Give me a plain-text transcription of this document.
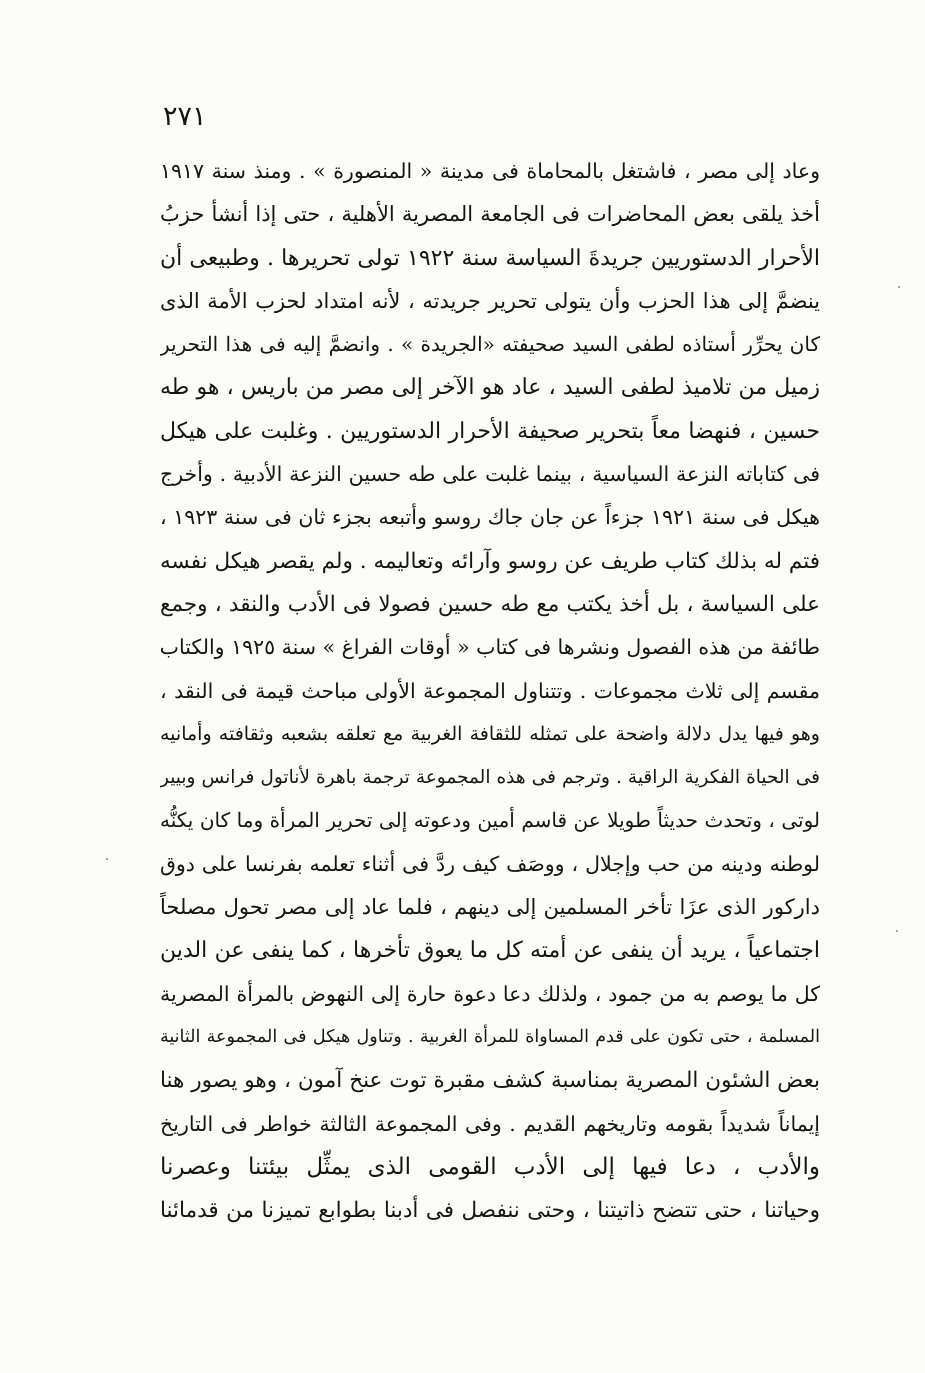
٢٧١
وعاد إلى مصر ، فاشتغل بالمحاماة فى مدينة « المنصورة » . ومنذ سنة ١٩١٧
أخذ يلقى بعض المحاضرات فى الجامعة المصرية الأهلية ، حتى إذا أنشأ حزبُ
الأحرار الدستوريين جريدةَ السياسة سنة ١٩٢٢ تولى تحريرها . وطبيعى أن
ينضمَّ إلى هذا الحزب وأن يتولى تحرير جريدته ، لأنه امتداد لحزب الأمة الذى
كان يحرِّر أستاذه لطفى السيد صحيفته «الجريدة » . وانضمَّ إليه فى هذا التحرير
زميل من تلاميذ لطفى السيد ، عاد هو الآخر إلى مصر من باريس ، هو طه
حسين ، فنهضا معاً بتحرير صحيفة الأحرار الدستوريين . وغلبت على هيكل
فى كتاباته النزعة السياسية ، بينما غلبت على طه حسين النزعة الأدبية . وأخرج
هيكل فى سنة ١٩٢١ جزءاً عن جان جاك روسو وأتبعه بجزء ثان فى سنة ١٩٢٣ ،
فتم له بذلك كتاب طريف عن روسو وآرائه وتعاليمه . ولم يقصر هيكل نفسه
على السياسة ، بل أخذ يكتب مع طه حسين فصولا فى الأدب والنقد ، وجمع
طائفة من هذه الفصول ونشرها فى كتاب « أوقات الفراغ » سنة ١٩٢٥ والكتاب
مقسم إلى ثلاث مجموعات . وتتناول المجموعة الأولى مباحث قيمة فى النقد ،
وهو فيها يدل دلالة واضحة على تمثله للثقافة الغربية مع تعلقه بشعبه وثقافته وأمانيه
فى الحياة الفكرية الراقية . وترجم فى هذه المجموعة ترجمة باهرة لأناتول فرانس وبيير
لوتى ، وتحدث حديثاً طويلا عن قاسم أمين ودعوته إلى تحرير المرأة وما كان يكنُّه
لوطنه ودينه من حب وإجلال ، ووصَف كيف ردَّ فى أثناء تعلمه بفرنسا على دوق
داركور الذى عزَا تأخر المسلمين إلى دينهم ، فلما عاد إلى مصر تحول مصلحاً
اجتماعياً ، يريد أن ينفى عن أمته كل ما يعوق تأخرها ، كما ينفى عن الدين
كل ما يوصم به من جمود ، ولذلك دعا دعوة حارة إلى النهوض بالمرأة المصرية
المسلمة ، حتى تكون على قدم المساواة للمرأة الغربية . وتناول هيكل فى المجموعة الثانية
بعض الشئون المصرية بمناسبة كشف مقبرة توت عنخ آمون ، وهو يصور هنا
إيماناً شديداً بقومه وتاريخهم القديم . وفى المجموعة الثالثة خواطر فى التاريخ
والأدب ، دعا فيها إلى الأدب القومى الذى يمثِّل بيئتنا وعصرنا
وحياتنا ، حتى تتضح ذاتيتنا ، وحتى ننفصل فى أدبنا بطوابع تميزنا من قدمائنا
